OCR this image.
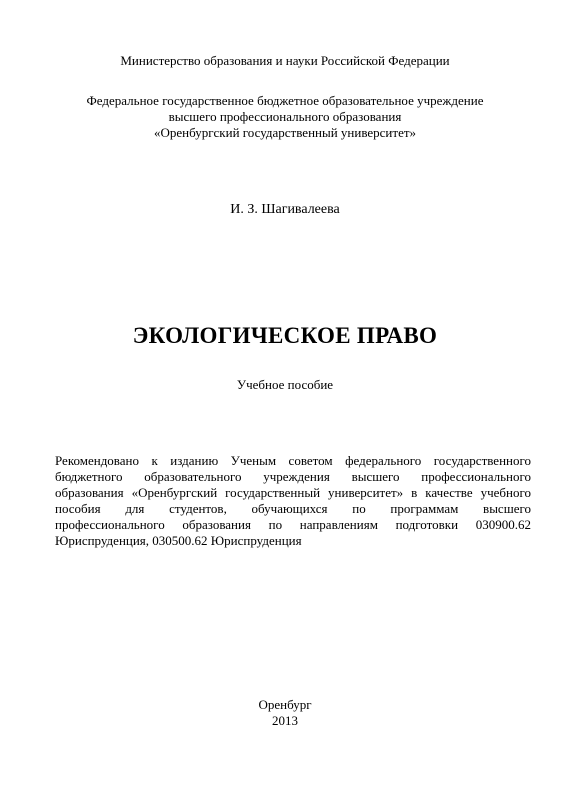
Министерство образования и науки Российской Федерации
Федеральное государственное бюджетное образовательное учреждение
высшего профессионального образования
«Оренбургский государственный университет»
И. З. Шагивалеева
ЭКОЛОГИЧЕСКОЕ ПРАВО
Учебное пособие
Рекомендовано к изданию Ученым советом федерального государственного
бюджетного образовательного учреждения высшего профессионального
образования «Оренбургский государственный университет» в качестве учебного
пособия для студентов, обучающихся по программам высшего
профессионального образования по направлениям подготовки 030900.62
Юриспруденция, 030500.62 Юриспруденция
Оренбург
2013
